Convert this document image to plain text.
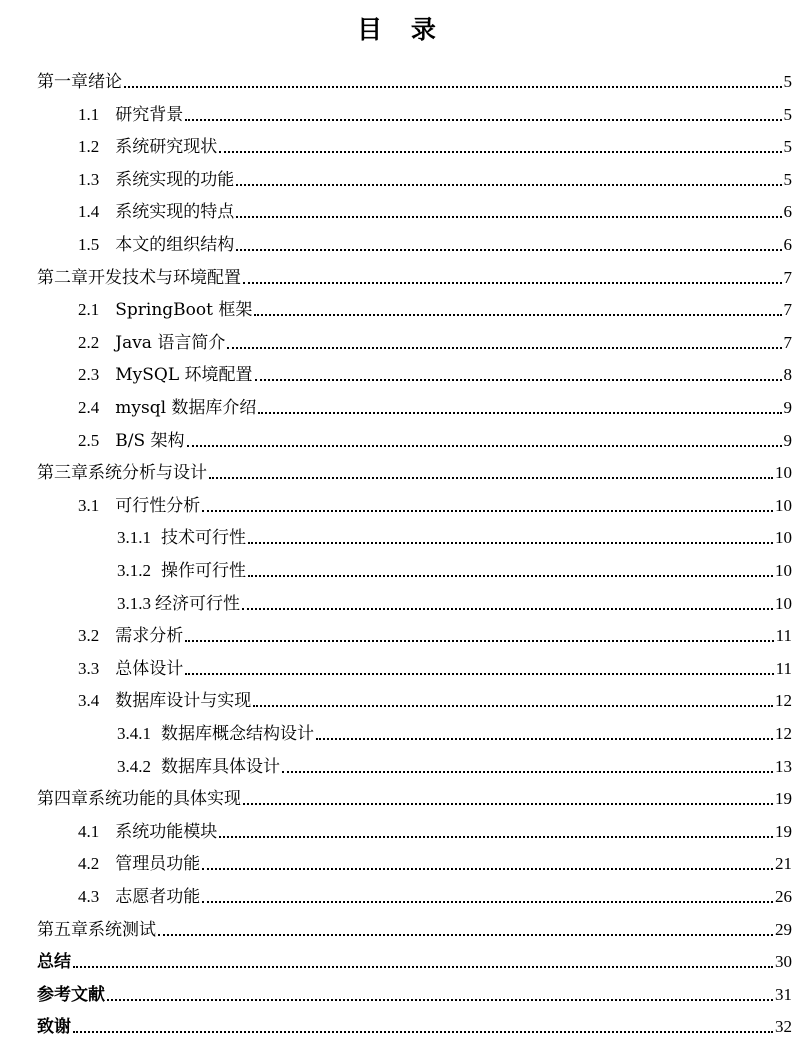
目 录
第一章绪论	5
1.1 研究背景	5
1.2 系统研究现状	5
1.3 系统实现的功能	5
1.4 系统实现的特点	6
1.5 本文的组织结构	6
第二章开发技术与环境配置	7
2.1 SpringBoot 框架	7
2.2 Java 语言简介	7
2.3 MySQL 环境配置	8
2.4 mysql 数据库介绍	9
2.5 B/S 架构	9
第三章系统分析与设计	10
3.1 可行性分析	10
3.1.1 技术可行性	10
3.1.2 操作可行性	10
3.1.3 经济可行性	10
3.2 需求分析	11
3.3 总体设计	11
3.4 数据库设计与实现	12
3.4.1 数据库概念结构设计	12
3.4.2 数据库具体设计	13
第四章系统功能的具体实现	19
4.1 系统功能模块	19
4.2 管理员功能	21
4.3 志愿者功能	26
第五章系统测试	29
总结	30
参考文献	31
致谢	32
